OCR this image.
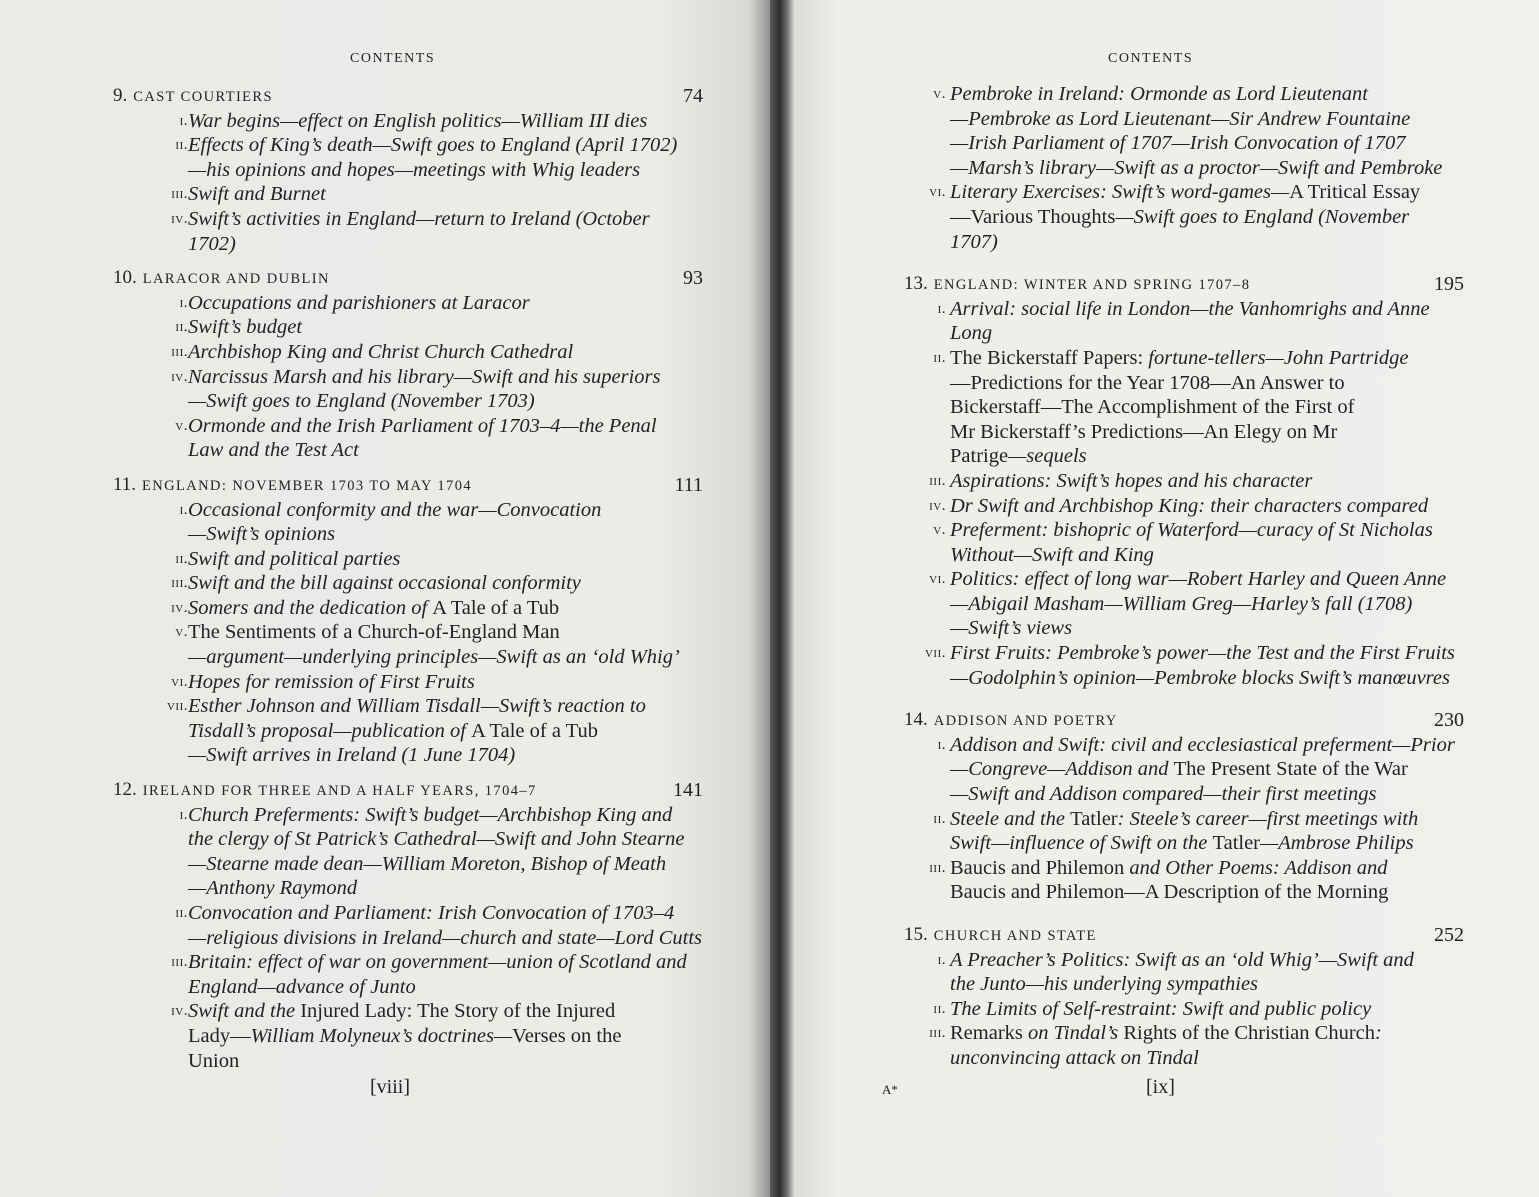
CONTENTS
9. CAST COURTIERS	74
i. War begins—effect on English politics—William III dies
ii. Effects of King’s death—Swift goes to England (April 1702)
—his opinions and hopes—meetings with Whig leaders
iii. Swift and Burnet
iv. Swift’s activities in England—return to Ireland (October
1702)
10. LARACOR AND DUBLIN	93
i. Occupations and parishioners at Laracor
ii. Swift’s budget
iii. Archbishop King and Christ Church Cathedral
iv. Narcissus Marsh and his library—Swift and his superiors
—Swift goes to England (November 1703)
v. Ormonde and the Irish Parliament of 1703–4—the Penal
Law and the Test Act
11. ENGLAND: NOVEMBER 1703 TO MAY 1704	111
i. Occasional conformity and the war—Convocation
—Swift’s opinions
ii. Swift and political parties
iii. Swift and the bill against occasional conformity
iv. Somers and the dedication of A Tale of a Tub
v. The Sentiments of a Church-of-England Man
—argument—underlying principles—Swift as an ‘old Whig’
vi. Hopes for remission of First Fruits
vii. Esther Johnson and William Tisdall—Swift’s reaction to
Tisdall’s proposal—publication of A Tale of a Tub
—Swift arrives in Ireland (1 June 1704)
12. IRELAND FOR THREE AND A HALF YEARS, 1704–7	141
i. Church Preferments: Swift’s budget—Archbishop King and
the clergy of St Patrick’s Cathedral—Swift and John Stearne
—Stearne made dean—William Moreton, Bishop of Meath
—Anthony Raymond
ii. Convocation and Parliament: Irish Convocation of 1703–4
—religious divisions in Ireland—church and state—Lord Cutts
iii. Britain: effect of war on government—union of Scotland and
England—advance of Junto
iv. Swift and the Injured Lady: The Story of the Injured
Lady—William Molyneux’s doctrines—Verses on the
Union
[viii]
CONTENTS
v. Pembroke in Ireland: Ormonde as Lord Lieutenant
—Pembroke as Lord Lieutenant—Sir Andrew Fountaine
—Irish Parliament of 1707—Irish Convocation of 1707
—Marsh’s library—Swift as a proctor—Swift and Pembroke
vi. Literary Exercises: Swift’s word-games—A Tritical Essay
—Various Thoughts—Swift goes to England (November
1707)
13. ENGLAND: WINTER AND SPRING 1707–8	195
i. Arrival: social life in London—the Vanhomrighs and Anne
Long
ii. The Bickerstaff Papers: fortune-tellers—John Partridge
—Predictions for the Year 1708—An Answer to
Bickerstaff—The Accomplishment of the First of
Mr Bickerstaff’s Predictions—An Elegy on Mr
Patrige—sequels
iii. Aspirations: Swift’s hopes and his character
iv. Dr Swift and Archbishop King: their characters compared
v. Preferment: bishopric of Waterford—curacy of St Nicholas
Without—Swift and King
vi. Politics: effect of long war—Robert Harley and Queen Anne
—Abigail Masham—William Greg—Harley’s fall (1708)
—Swift’s views
vii. First Fruits: Pembroke’s power—the Test and the First Fruits
—Godolphin’s opinion—Pembroke blocks Swift’s manœuvres
14. ADDISON AND POETRY	230
i. Addison and Swift: civil and ecclesiastical preferment—Prior
—Congreve—Addison and The Present State of the War
—Swift and Addison compared—their first meetings
ii. Steele and the Tatler: Steele’s career—first meetings with
Swift—influence of Swift on the Tatler—Ambrose Philips
iii. Baucis and Philemon and Other Poems: Addison and
Baucis and Philemon—A Description of the Morning
15. CHURCH AND STATE	252
i. A Preacher’s Politics: Swift as an ‘old Whig’—Swift and
the Junto—his underlying sympathies
ii. The Limits of Self-restraint: Swift and public policy
iii. Remarks on Tindal’s Rights of the Christian Church:
unconvincing attack on Tindal
A*	[ix]
